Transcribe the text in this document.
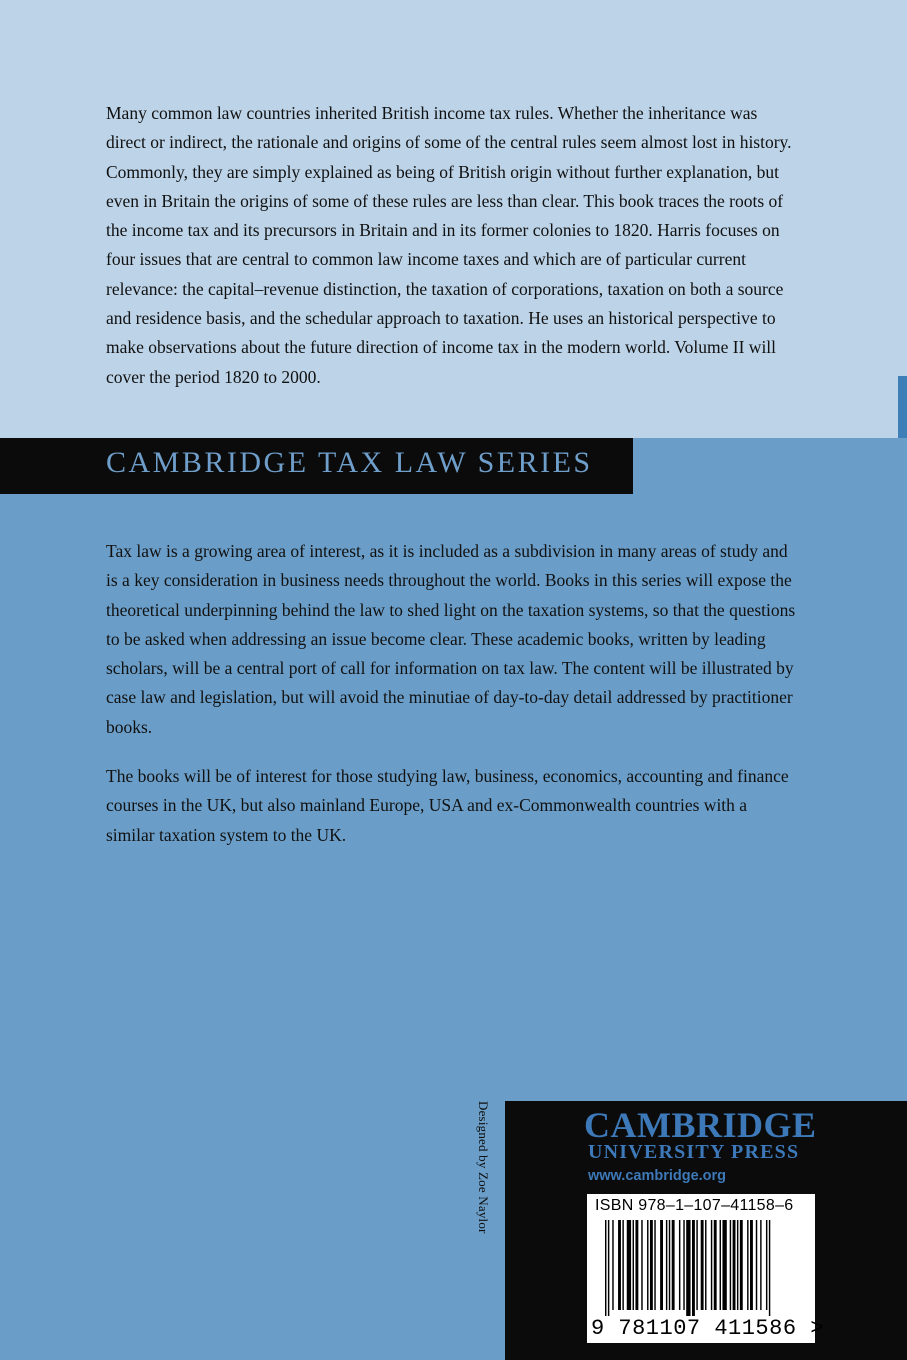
Many common law countries inherited British income tax rules. Whether the inheritance was direct or indirect, the rationale and origins of some of the central rules seem almost lost in history. Commonly, they are simply explained as being of British origin without further explanation, but even in Britain the origins of some of these rules are less than clear. This book traces the roots of the income tax and its precursors in Britain and in its former colonies to 1820. Harris focuses on four issues that are central to common law income taxes and which are of particular current relevance: the capital–revenue distinction, the taxation of corporations, taxation on both a source and residence basis, and the schedular approach to taxation. He uses an historical perspective to make observations about the future direction of income tax in the modern world. Volume II will cover the period 1820 to 2000.

CAMBRIDGE TAX LAW SERIES

Tax law is a growing area of interest, as it is included as a subdivision in many areas of study and is a key consideration in business needs throughout the world. Books in this series will expose the theoretical underpinning behind the law to shed light on the taxation systems, so that the questions to be asked when addressing an issue become clear. These academic books, written by leading scholars, will be a central port of call for information on tax law. The content will be illustrated by case law and legislation, but will avoid the minutiae of day-to-day detail addressed by practitioner books.

The books will be of interest for those studying law, business, economics, accounting and finance courses in the UK, but also mainland Europe, USA and ex-Commonwealth countries with a similar taxation system to the UK.

Designed by Zoe Naylor	CAMBRIDGE
UNIVERSITY PRESS
www.cambridge.org
ISBN 978–1–107–41158–6
9 781107 411586 >
